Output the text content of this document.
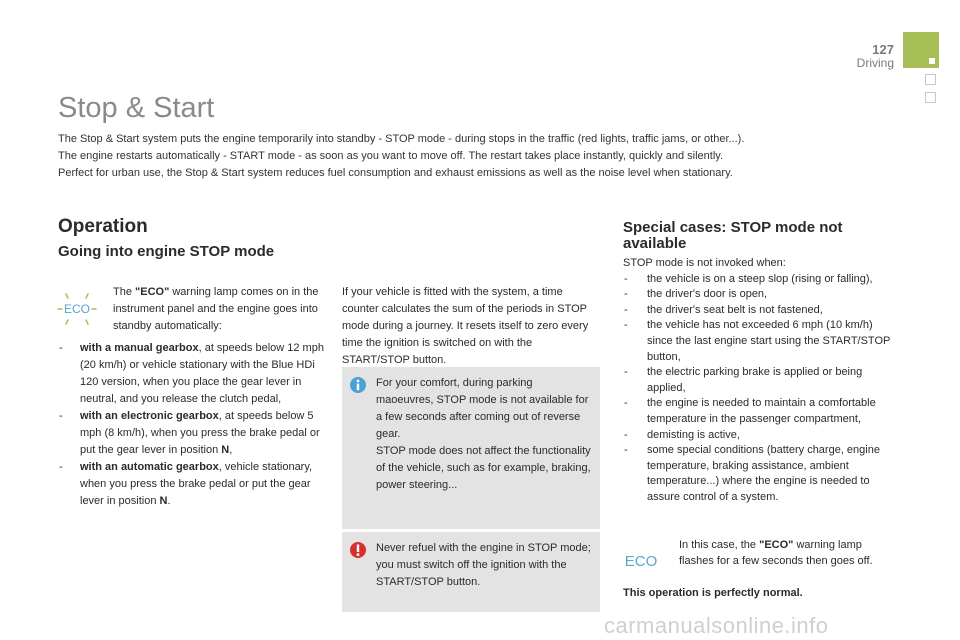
127
Driving
Stop & Start
The Stop & Start system puts the engine temporarily into standby - STOP mode - during stops in the traffic (red lights, traffic jams, or other...).
The engine restarts automatically - START mode - as soon as you want to move off. The restart takes place instantly, quickly and silently.
Perfect for urban use, the Stop & Start system reduces fuel consumption and exhaust emissions as well as the noise level when stationary.
Operation
Going into engine STOP mode
ECO
The "ECO" warning lamp comes on in the instrument panel and the engine goes into standby automatically:

- with a manual gearbox, at speeds below 12 mph (20 km/h) or vehicle stationary with the Blue HDi 120 version, when you place the gear lever in neutral, and you release the clutch pedal,

- with an electronic gearbox, at speeds below 5 mph (8 km/h), when you press the brake pedal or put the gear lever in position N,

- with an automatic gearbox, vehicle stationary, when you press the brake pedal or put the gear lever in position N.

If your vehicle is fitted with the system, a time counter calculates the sum of the periods in STOP mode during a journey. It resets itself to zero every time the ignition is switched on with the START/STOP button.
For your comfort, during parking maoeuvres, STOP mode is not available for a few seconds after coming out of reverse gear.
STOP mode does not affect the functionality of the vehicle, such as for example, braking, power steering...
Never refuel with the engine in STOP mode; you must switch off the ignition with the START/STOP button.
Special cases: STOP mode not available
STOP mode is not invoked when:
- the vehicle is on a steep slop (rising or falling),
- the driver's door is open,
- the driver's seat belt is not fastened,
- the vehicle has not exceeded 6 mph (10 km/h) since the last engine start using the START/STOP button,
- the electric parking brake is applied or being applied,
- the engine is needed to maintain a comfortable temperature in the passenger compartment,
- demisting is active,
- some special conditions (battery charge, engine temperature, braking assistance, ambient temperature...) where the engine is needed to assure control of a system.
ECO
In this case, the "ECO" warning lamp flashes for a few seconds then goes off.
This operation is perfectly normal.
carmanualsonline.info
